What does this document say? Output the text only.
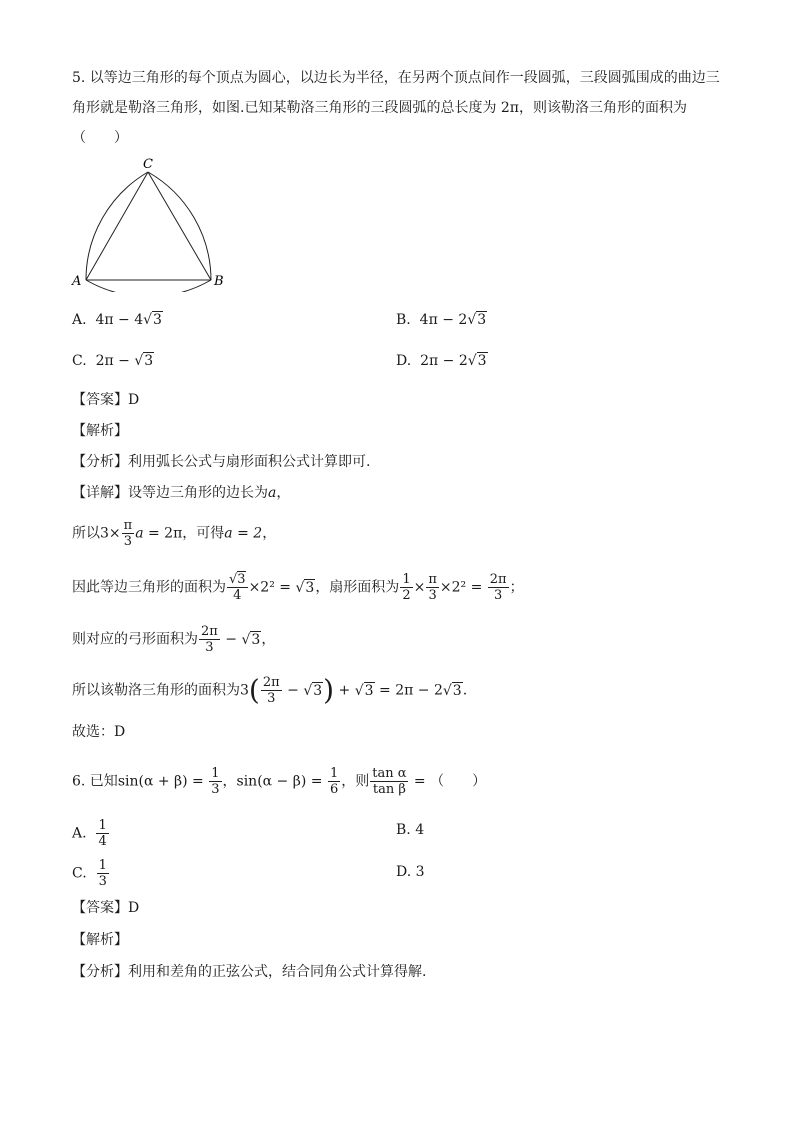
5. 以等边三角形的每个顶点为圆心，以边长为半径，在另两个顶点间作一段圆弧，三段圆弧围成的曲边三
角形就是勒洛三角形，如图.已知某勒洛三角形的三段圆弧的总长度为 2π，则该勒洛三角形的面积为
（　　）
C
A	B
A. 4π − 4√3	B. 4π − 2√3
C. 2π − √3	D. 2π − 2√3
【答案】D
【解析】
【分析】利用弧长公式与扇形面积公式计算即可.
【详解】设等边三角形的边长为a，
所以$3\times \frac{\pi}{3}$ a = 2π，可得a = 2，
因此等边三角形的面积为 $\frac{√3}{4} \times 2^2 = √3$，扇形面积为 $\frac{1}{2} \times \frac{\pi}{3} \times 2^2 = \frac{2\pi}{3}$ ；
则对应的弓形面积为 $\frac{2\pi}{3} - √3$，
所以该勒洛三角形的面积为$3( \frac{2\pi}{3} - √3) + √3 = 2\pi - 2√3$.
故选：D
6. 已知$\sin(\alpha + \beta) = \frac{1}{3}$ ，$\sin(\alpha - \beta) = \frac{1}{6}$ ，则 $\frac{\text{tan α}}{\text{tan β}}$ = （　　）
A. $\frac{1}{4}$	B. 4
C. $\frac{1}{3}$	D. 3
【答案】D
【解析】
【分析】利用和差角的正弦公式，结合同角公式计算得解.
